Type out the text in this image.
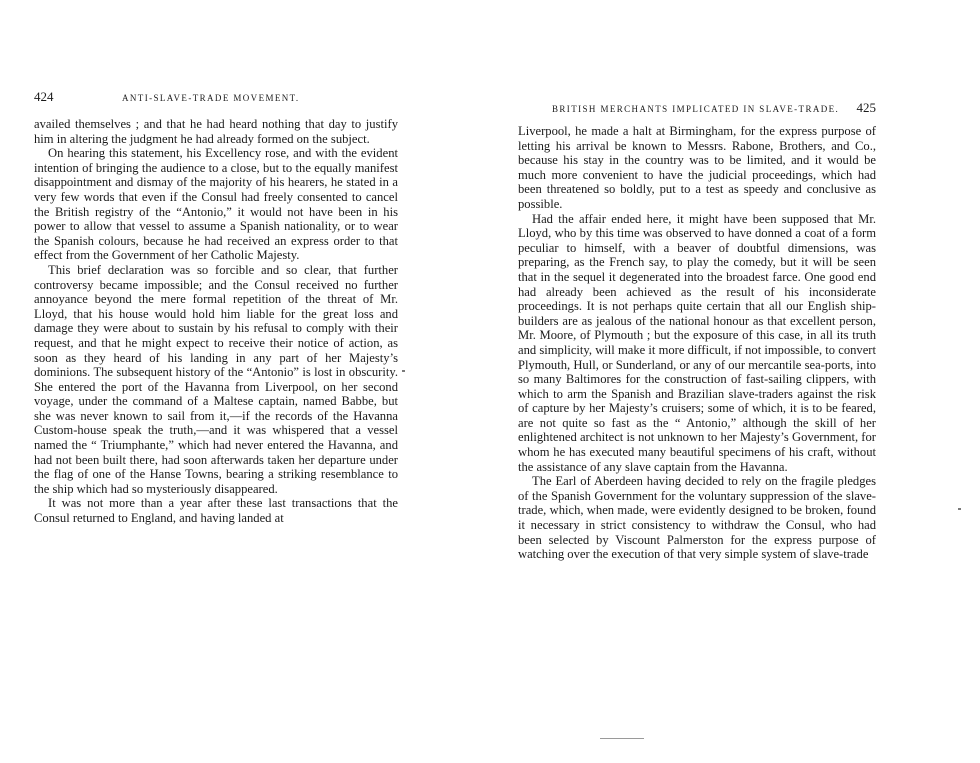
424	ANTI-SLAVE-TRADE MOVEMENT.

availed themselves ; and that he had heard nothing that day to justify him in altering the judgment he had already formed on the subject.

On hearing this statement, his Excellency rose, and with the evident intention of bringing the audience to a close, but to the equally manifest disappointment and dismay of the majority of his hearers, he stated in a very few words that even if the Consul had freely consented to cancel the British registry of the “Antonio,” it would not have been in his power to allow that vessel to assume a Spanish nationality, or to wear the Spanish colours, because he had received an express order to that effect from the Government of her Catholic Majesty.

This brief declaration was so forcible and so clear, that further controversy became impossible; and the Consul received no further annoyance beyond the mere formal repetition of the threat of Mr. Lloyd, that his house would hold him liable for the great loss and damage they were about to sustain by his refusal to comply with their request, and that he might expect to receive their notice of action, as soon as they heard of his landing in any part of her Majesty’s dominions. The subsequent history of the “Antonio” is lost in obscurity. She entered the port of the Havanna from Liverpool, on her second voyage, under the command of a Maltese captain, named Babbe, but she was never known to sail from it,—if the records of the Havanna Custom-house speak the truth,—and it was whispered that a vessel named the “ Triumphante,” which had never entered the Havanna, and had not been built there, had soon afterwards taken her departure under the flag of one of the Hanse Towns, bearing a striking resemblance to the ship which had so mysteriously disappeared.

It was not more than a year after these last transactions that the Consul returned to England, and having landed at

BRITISH MERCHANTS IMPLICATED IN SLAVE-TRADE. 425

Liverpool, he made a halt at Birmingham, for the express purpose of letting his arrival be known to Messrs. Rabone, Brothers, and Co., because his stay in the country was to be limited, and it would be much more convenient to have the judicial proceedings, which had been threatened so boldly, put to a test as speedy and conclusive as possible.

Had the affair ended here, it might have been supposed that Mr. Lloyd, who by this time was observed to have donned a coat of a form peculiar to himself, with a beaver of doubtful dimensions, was preparing, as the French say, to play the comedy, but it will be seen that in the sequel it degenerated into the broadest farce. One good end had already been achieved as the result of his inconsiderate proceedings. It is not perhaps quite certain that all our English ship-builders are as jealous of the national honour as that excellent person, Mr. Moore, of Plymouth ; but the exposure of this case, in all its truth and simplicity, will make it more difficult, if not impossible, to convert Plymouth, Hull, or Sunderland, or any of our mercantile sea-ports, into so many Baltimores for the construction of fast-sailing clippers, with which to arm the Spanish and Brazilian slave-traders against the risk of capture by her Majesty’s cruisers; some of which, it is to be feared, are not quite so fast as the “ Antonio,” although the skill of her enlightened architect is not unknown to her Majesty’s Government, for whom he has executed many beautiful specimens of his craft, without the assistance of any slave captain from the Havanna.

The Earl of Aberdeen having decided to rely on the fragile pledges of the Spanish Government for the voluntary suppression of the slave-trade, which, when made, were evidently designed to be broken, found it necessary in strict consistency to withdraw the Consul, who had been selected by Viscount Palmerston for the express purpose of watching over the execution of that very simple system of slave-trade
